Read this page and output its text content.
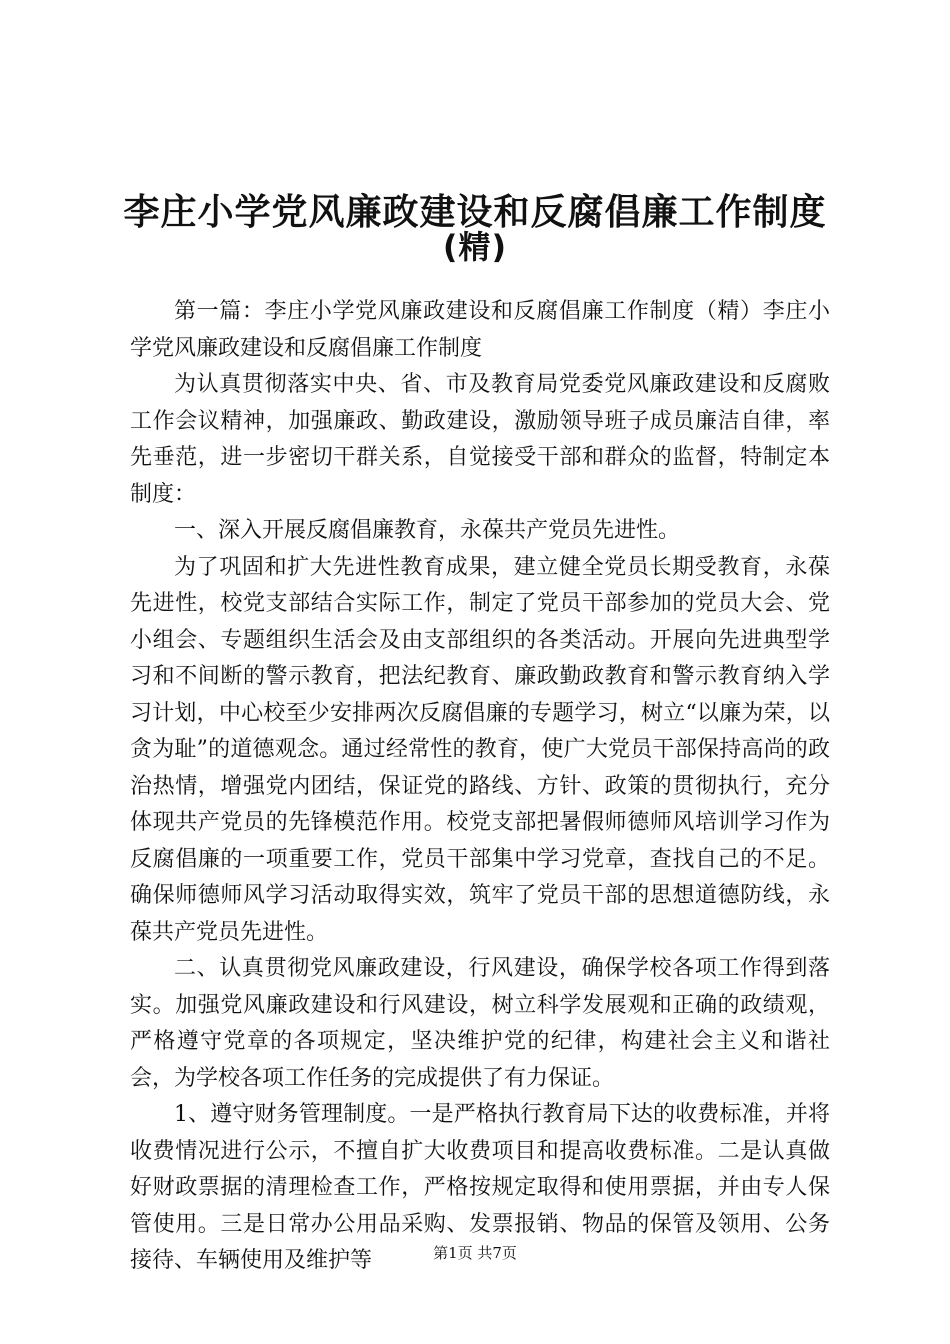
李庄小学党风廉政建设和反腐倡廉工作制度
(精)

第一篇：李庄小学党风廉政建设和反腐倡廉工作制度（精）李庄小学党风廉政建设和反腐倡廉工作制度

为认真贯彻落实中央、省、市及教育局党委党风廉政建设和反腐败工作会议精神，加强廉政、勤政建设，激励领导班子成员廉洁自律，率先垂范，进一步密切干群关系，自觉接受干部和群众的监督，特制定本制度：

一、深入开展反腐倡廉教育，永葆共产党员先进性。

为了巩固和扩大先进性教育成果，建立健全党员长期受教育，永葆先进性，校党支部结合实际工作，制定了党员干部参加的党员大会、党小组会、专题组织生活会及由支部组织的各类活动。开展向先进典型学习和不间断的警示教育，把法纪教育、廉政勤政教育和警示教育纳入学习计划，中心校至少安排两次反腐倡廉的专题学习，树立“以廉为荣，以贪为耻”的道德观念。通过经常性的教育，使广大党员干部保持高尚的政治热情，增强党内团结，保证党的路线、方针、政策的贯彻执行，充分体现共产党员的先锋模范作用。校党支部把暑假师德师风培训学习作为反腐倡廉的一项重要工作，党员干部集中学习党章，查找自己的不足。确保师德师风学习活动取得实效，筑牢了党员干部的思想道德防线，永葆共产党员先进性。

二、认真贯彻党风廉政建设，行风建设，确保学校各项工作得到落实。加强党风廉政建设和行风建设，树立科学发展观和正确的政绩观，严格遵守党章的各项规定，坚决维护党的纪律，构建社会主义和谐社会，为学校各项工作任务的完成提供了有力保证。

1、遵守财务管理制度。一是严格执行教育局下达的收费标准，并将收费情况进行公示，不擅自扩大收费项目和提高收费标准。二是认真做好财政票据的清理检查工作，严格按规定取得和使用票据，并由专人保管使用。三是日常办公用品采购、发票报销、物品的保管及领用、公务接待、车辆使用及维护等	第1页 共7页
